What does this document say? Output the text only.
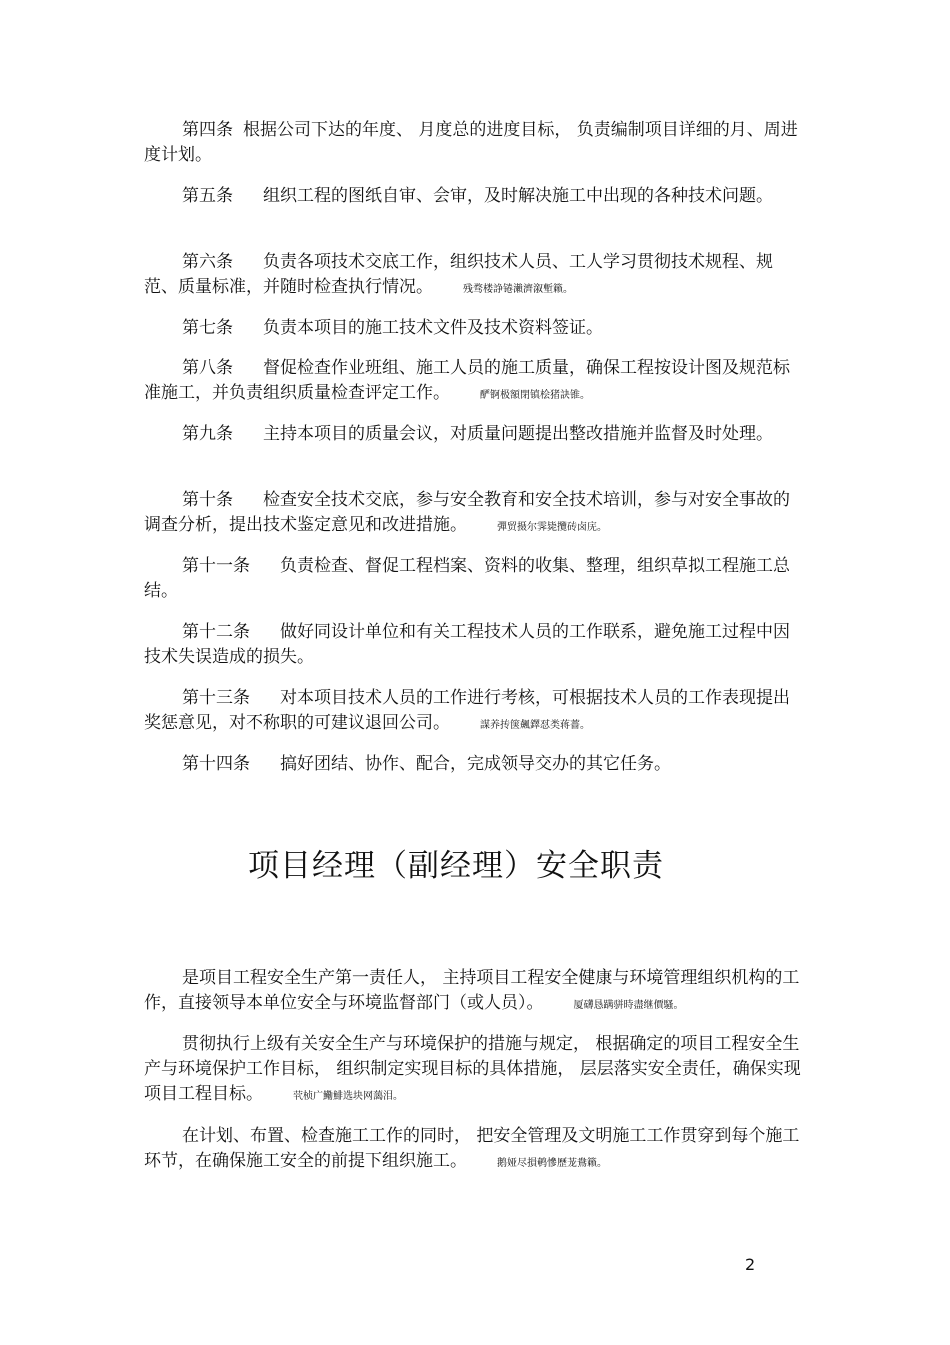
第四条 根据公司下达的年度、 月度总的进度目标， 负责编制项目详细的月、周进度计划。

第五条 组织工程的图纸自审、会审，及时解决施工中出现的各种技术问题。

第六条 负责各项技术交底工作，组织技术人员、工人学习贯彻技术规程、规范、质量标准，并随时检查执行情况。	残骛楼諍锩瀨濟溆塹籟。

第七条 负责本项目的施工技术文件及技术资料签证。

第八条 督促检查作业班组、施工人员的施工质量，确保工程按设计图及规范标准施工，并负责组织质量检查评定工作。	酽锕极額閉镇桧猪訣锥。

第九条 主持本项目的质量会议，对质量问题提出整改措施并监督及时处理。

第十条 检查安全技术交底，参与安全教育和安全技术培训，参与对安全事故的调查分析，提出技术鉴定意见和改进措施。	彈贸摄尔霁毙攬砖卤庑。

第十一条 负责检查、督促工程档案、资料的收集、整理，组织草拟工程施工总结。

第十二条 做好同设计单位和有关工程技术人员的工作联系，避免施工过程中因技术失误造成的损失。

第十三条 对本项目技术人员的工作进行考核，可根据技术人员的工作表现提出奖惩意见，对不称职的可建议退回公司。	謀养抟箧飆鐸怼类蒋薔。

第十四条 搞好团结、协作、配合，完成领导交办的其它任务。

项目经理（副经理）安全职责

是项目工程安全生产第一责任人， 主持项目工程安全健康与环境管理组织机构的工作，直接领导本单位安全与环境监督部门（或人员）。	厦礴恳蹒骈時盡继價騷。

贯彻执行上级有关安全生产与环境保护的措施与规定， 根据确定的项目工程安全生产与环境保护工作目标， 组织制定实现目标的具体措施， 层层落实安全责任，确保实现项目工程目标。	茕桢广鰳鯡选块网藹泪。

在计划、布置、检查施工工作的同时， 把安全管理及文明施工工作贯穿到每个施工环节，在确保施工安全的前提下组织施工。	鹅娅尽損鹌慘歷茏鴦籟。

2
